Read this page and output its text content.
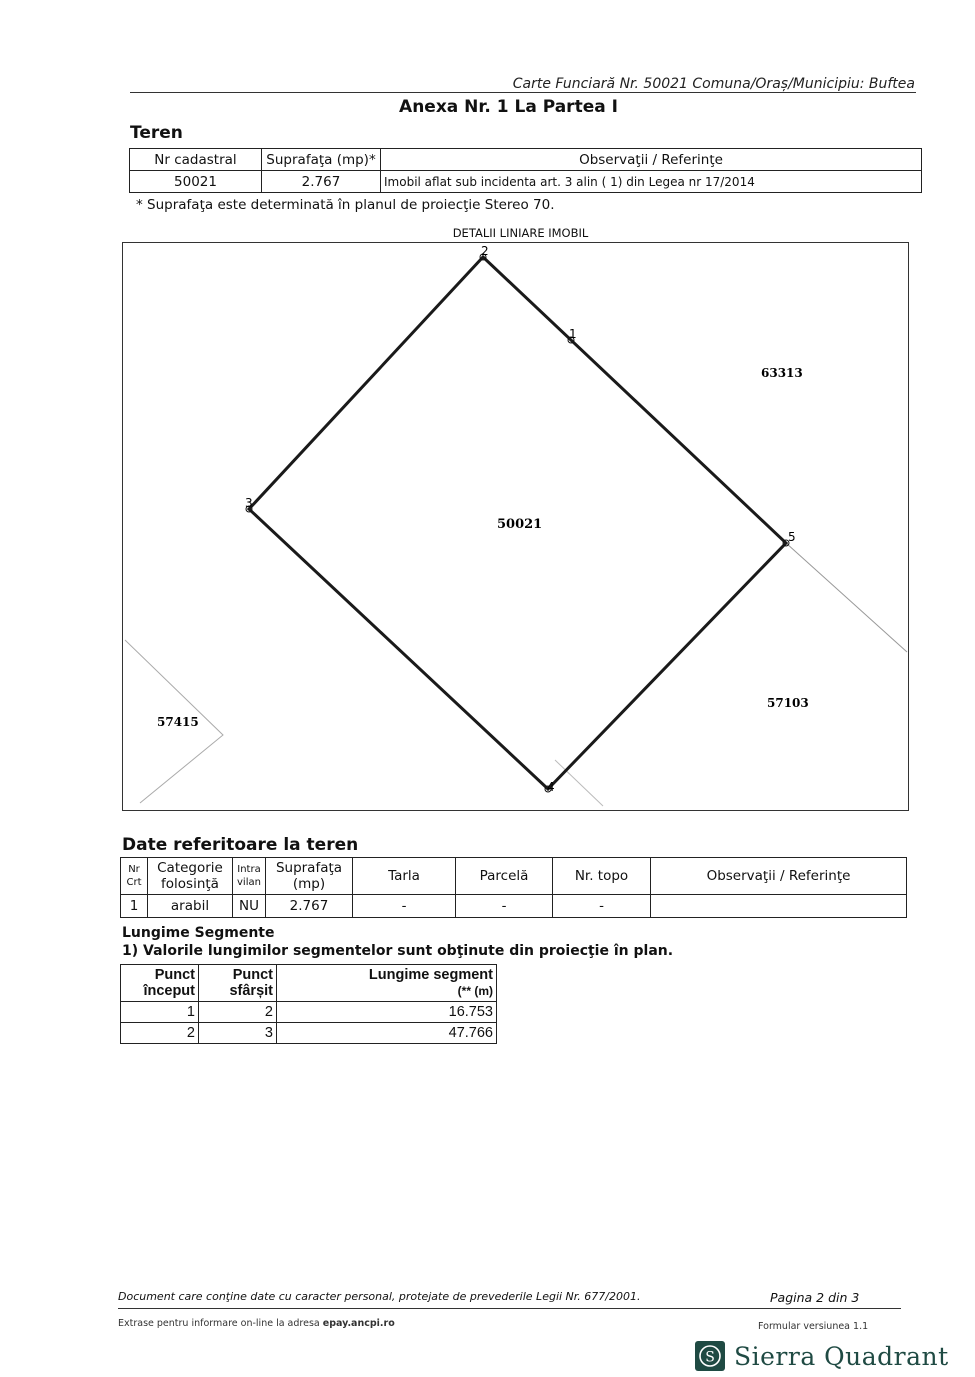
Carte Funciară Nr. 50021 Comuna/Oraș/Municipiu: Buftea
Anexa Nr. 1 La Partea I
Teren
Nr cadastral	Suprafaţa (mp)*	Observaţii / Referinţe
50021	2.767	Imobil aflat sub incidenta art. 3 alin ( 1) din Legea nr 17/2014
* Suprafaţa este determinată în planul de proiecţie Stereo 70.
DETALII LINIARE IMOBIL
2
1
3
5
4
50021
63313
57103
57415
Date referitoare la teren
Nr Crt	Categorie folosinţă	Intra vilan	Suprafaţa (mp)	Tarla	Parcelă	Nr. topo	Observaţii / Referinţe
1	arabil	NU	2.767	-	-	-	
Lungime Segmente
1) Valorile lungimilor segmentelor sunt obţinute din proiecţie în plan.
Punct început	Punct sfârșit	Lungime segment
(** (m)
1	2	16.753
2	3	47.766
Document care conţine date cu caracter personal, protejate de prevederile Legii Nr. 677/2001.	Pagina 2 din 3
Extrase pentru informare on-line la adresa epay.ancpi.ro	Formular versiunea 1.1
S Sierra Quadrant
